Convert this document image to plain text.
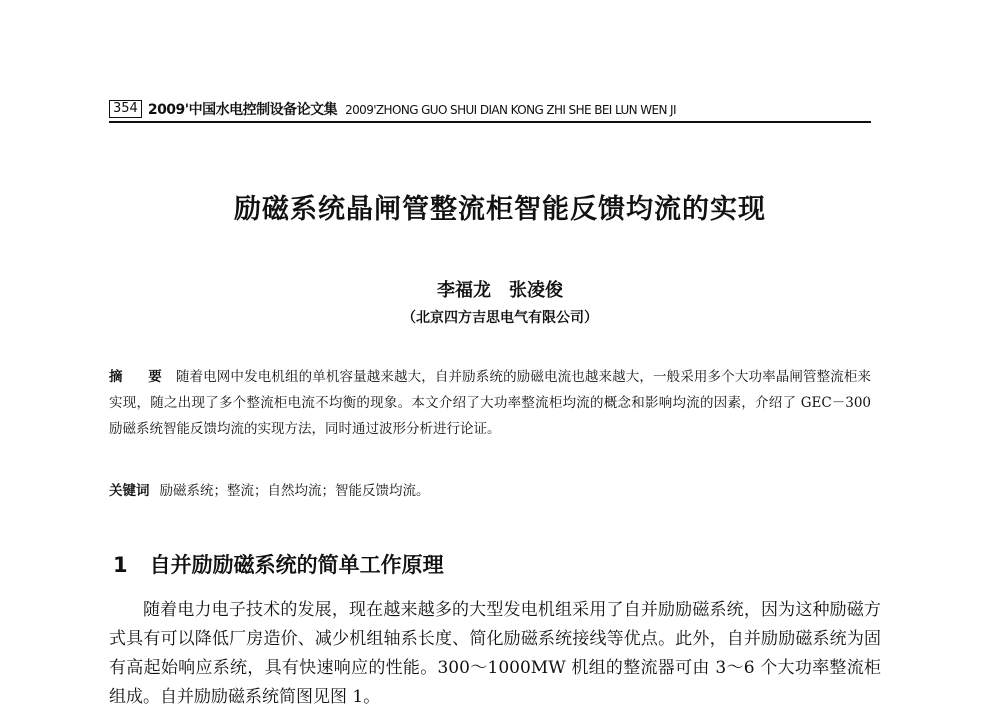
354 2009'中国水电控制设备论文集 2009'ZHONG GUO SHUI DIAN KONG ZHI SHE BEI LUN WEN JI
励磁系统晶闸管整流柜智能反馈均流的实现
李福龙　张凌俊
（北京四方吉思电气有限公司）
摘　要 随着电网中发电机组的单机容量越来越大，自并励系统的励磁电流也越来越大，一般采用多个大功率晶闸管整流柜来实现，随之出现了多个整流柜电流不均衡的现象。本文介绍了大功率整流柜均流的概念和影响均流的因素，介绍了 GEC－300 励磁系统智能反馈均流的实现方法，同时通过波形分析进行论证。
关键词 励磁系统；整流；自然均流；智能反馈均流。
1 自并励励磁系统的简单工作原理

随着电力电子技术的发展，现在越来越多的大型发电机组采用了自并励励磁系统，因为这种励磁方式具有可以降低厂房造价、减少机组轴系长度、简化励磁系统接线等优点。此外，自并励励磁系统为固有高起始响应系统，具有快速响应的性能。300～1000MW 机组的整流器可由 3～6 个大功率整流柜组成。自并励励磁系统简图见图 1。
